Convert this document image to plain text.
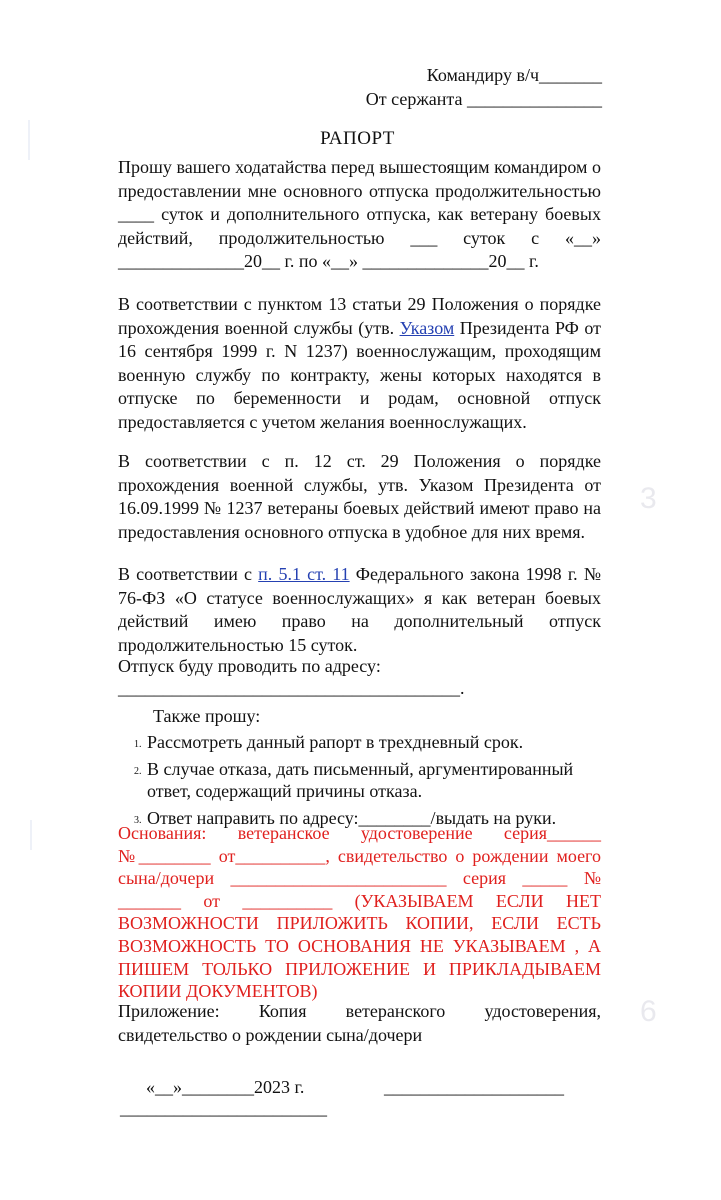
3
6
Командиру в/ч_______
От сержанта _______________
РАПОРТ
Прошу вашего ходатайства перед вышестоящим командиром о предоставлении мне основного отпуска продолжительностью ____ суток и дополнительного отпуска, как ветерану боевых действий, продолжительностью ___ суток с «__» ______________20__ г. по «__» ______________20__ г.
В соответствии с пунктом 13 статьи 29 Положения о порядке прохождения военной службы (утв. Указом Президента РФ от 16 сентября 1999 г. N 1237) военнослужащим, проходящим военную службу по контракту, жены которых находятся в отпуске по беременности и родам, основной отпуск предоставляется с учетом желания военнослужащих.
В соответствии с п. 12 ст. 29 Положения о порядке прохождения военной службы, утв. Указом Президента от 16.09.1999 № 1237 ветераны боевых действий имеют право на предоставления основного отпуска в удобное для них время.
В соответствии с п. 5.1 ст. 11 Федерального закона 1998 г. № 76-ФЗ «О статусе военнослужащих» я как ветеран боевых действий имею право на дополнительный отпуск продолжительностью 15 суток.
Отпуск буду проводить по адресу:
______________________________________.
Также прошу:
1. Рассмотреть данный рапорт в трехдневный срок.
2. В случае отказа, дать письменный, аргументированный ответ, содержащий причины отказа.
3. Ответ направить по адресу:________/выдать на руки.
Основания: ветеранское удостоверение серия______ №________ от__________, свидетельство о рождении моего сына/дочери ________________________ серия _____ № _______ от __________ (УКАЗЫВАЕМ ЕСЛИ НЕТ ВОЗМОЖНОСТИ ПРИЛОЖИТЬ КОПИИ, ЕСЛИ ЕСТЬ ВОЗМОЖНОСТЬ ТО ОСНОВАНИЯ НЕ УКАЗЫВАЕМ , А ПИШЕМ ТОЛЬКО ПРИЛОЖЕНИЕ И ПРИКЛАДЫВАЕМ КОПИИ ДОКУМЕНТОВ)
Приложение: Копия ветеранского удостоверения, свидетельство о рождении сына/дочери
«__»________2023 г.	____________________
_______________________
